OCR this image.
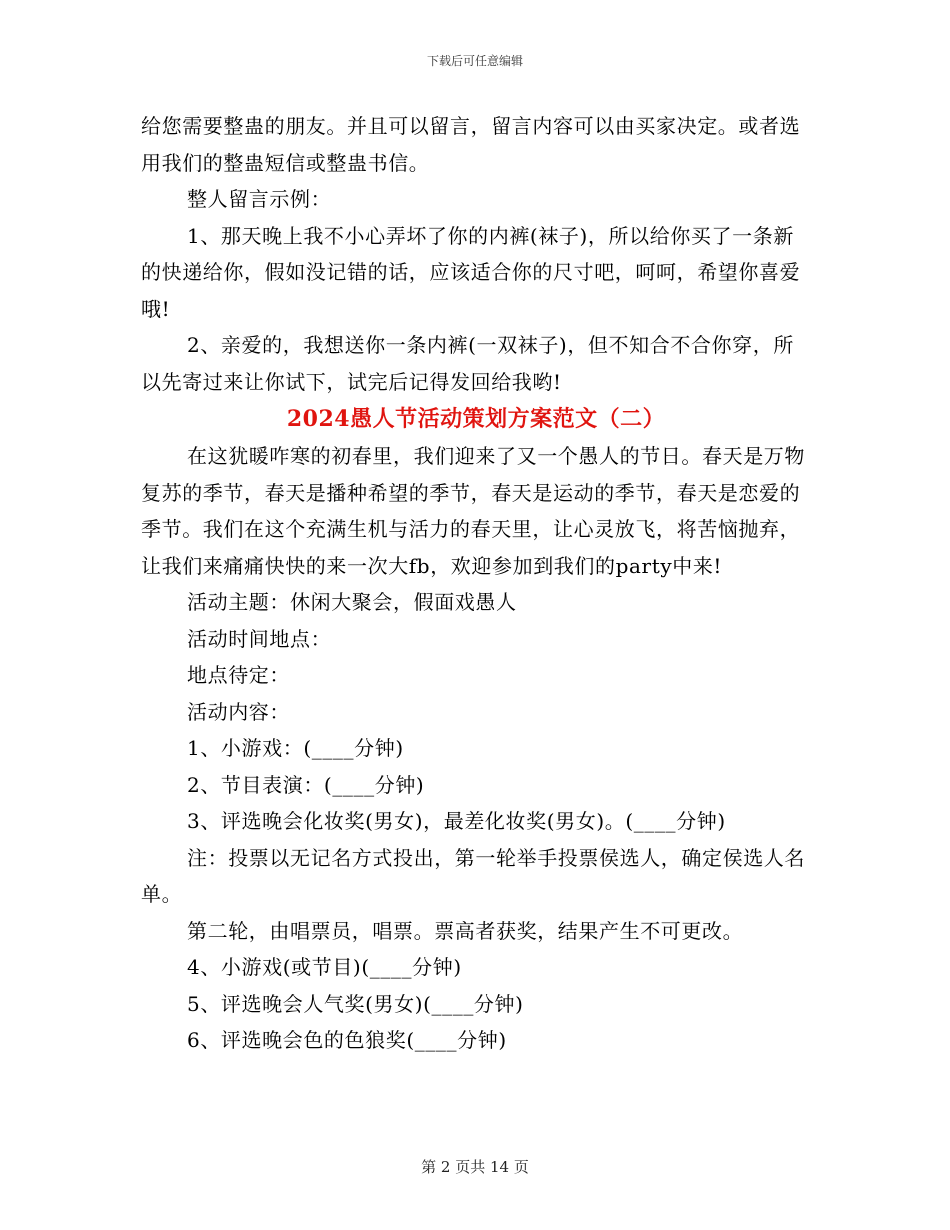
下载后可任意编辑

给您需要整蛊的朋友。并且可以留言，留言内容可以由买家决定。或者选用我们的整蛊短信或整蛊书信。

整人留言示例：

1、那天晚上我不小心弄坏了你的内裤(袜子)，所以给你买了一条新的快递给你，假如没记错的话，应该适合你的尺寸吧，呵呵，希望你喜爱哦!

2、亲爱的，我想送你一条内裤(一双袜子)，但不知合不合你穿，所以先寄过来让你试下，试完后记得发回给我哟!

2024愚人节活动策划方案范文（二）

在这犹暖咋寒的初春里，我们迎来了又一个愚人的节日。春天是万物复苏的季节，春天是播种希望的季节，春天是运动的季节，春天是恋爱的季节。我们在这个充满生机与活力的春天里，让心灵放飞，将苦恼抛弃，让我们来痛痛快快的来一次大fb，欢迎参加到我们的party中来!

活动主题：休闲大聚会，假面戏愚人

活动时间地点：

地点待定：

活动内容：

1、小游戏：(____分钟)

2、节目表演：(____分钟)

3、评选晚会化妆奖(男女)，最差化妆奖(男女)。(____分钟)

注：投票以无记名方式投出，第一轮举手投票侯选人，确定侯选人名单。

第二轮，由唱票员，唱票。票高者获奖，结果产生不可更改。

4、小游戏(或节目)(____分钟)

5、评选晚会人气奖(男女)(____分钟)

6、评选晚会色的色狼奖(____分钟)

第 2 页共 14 页
